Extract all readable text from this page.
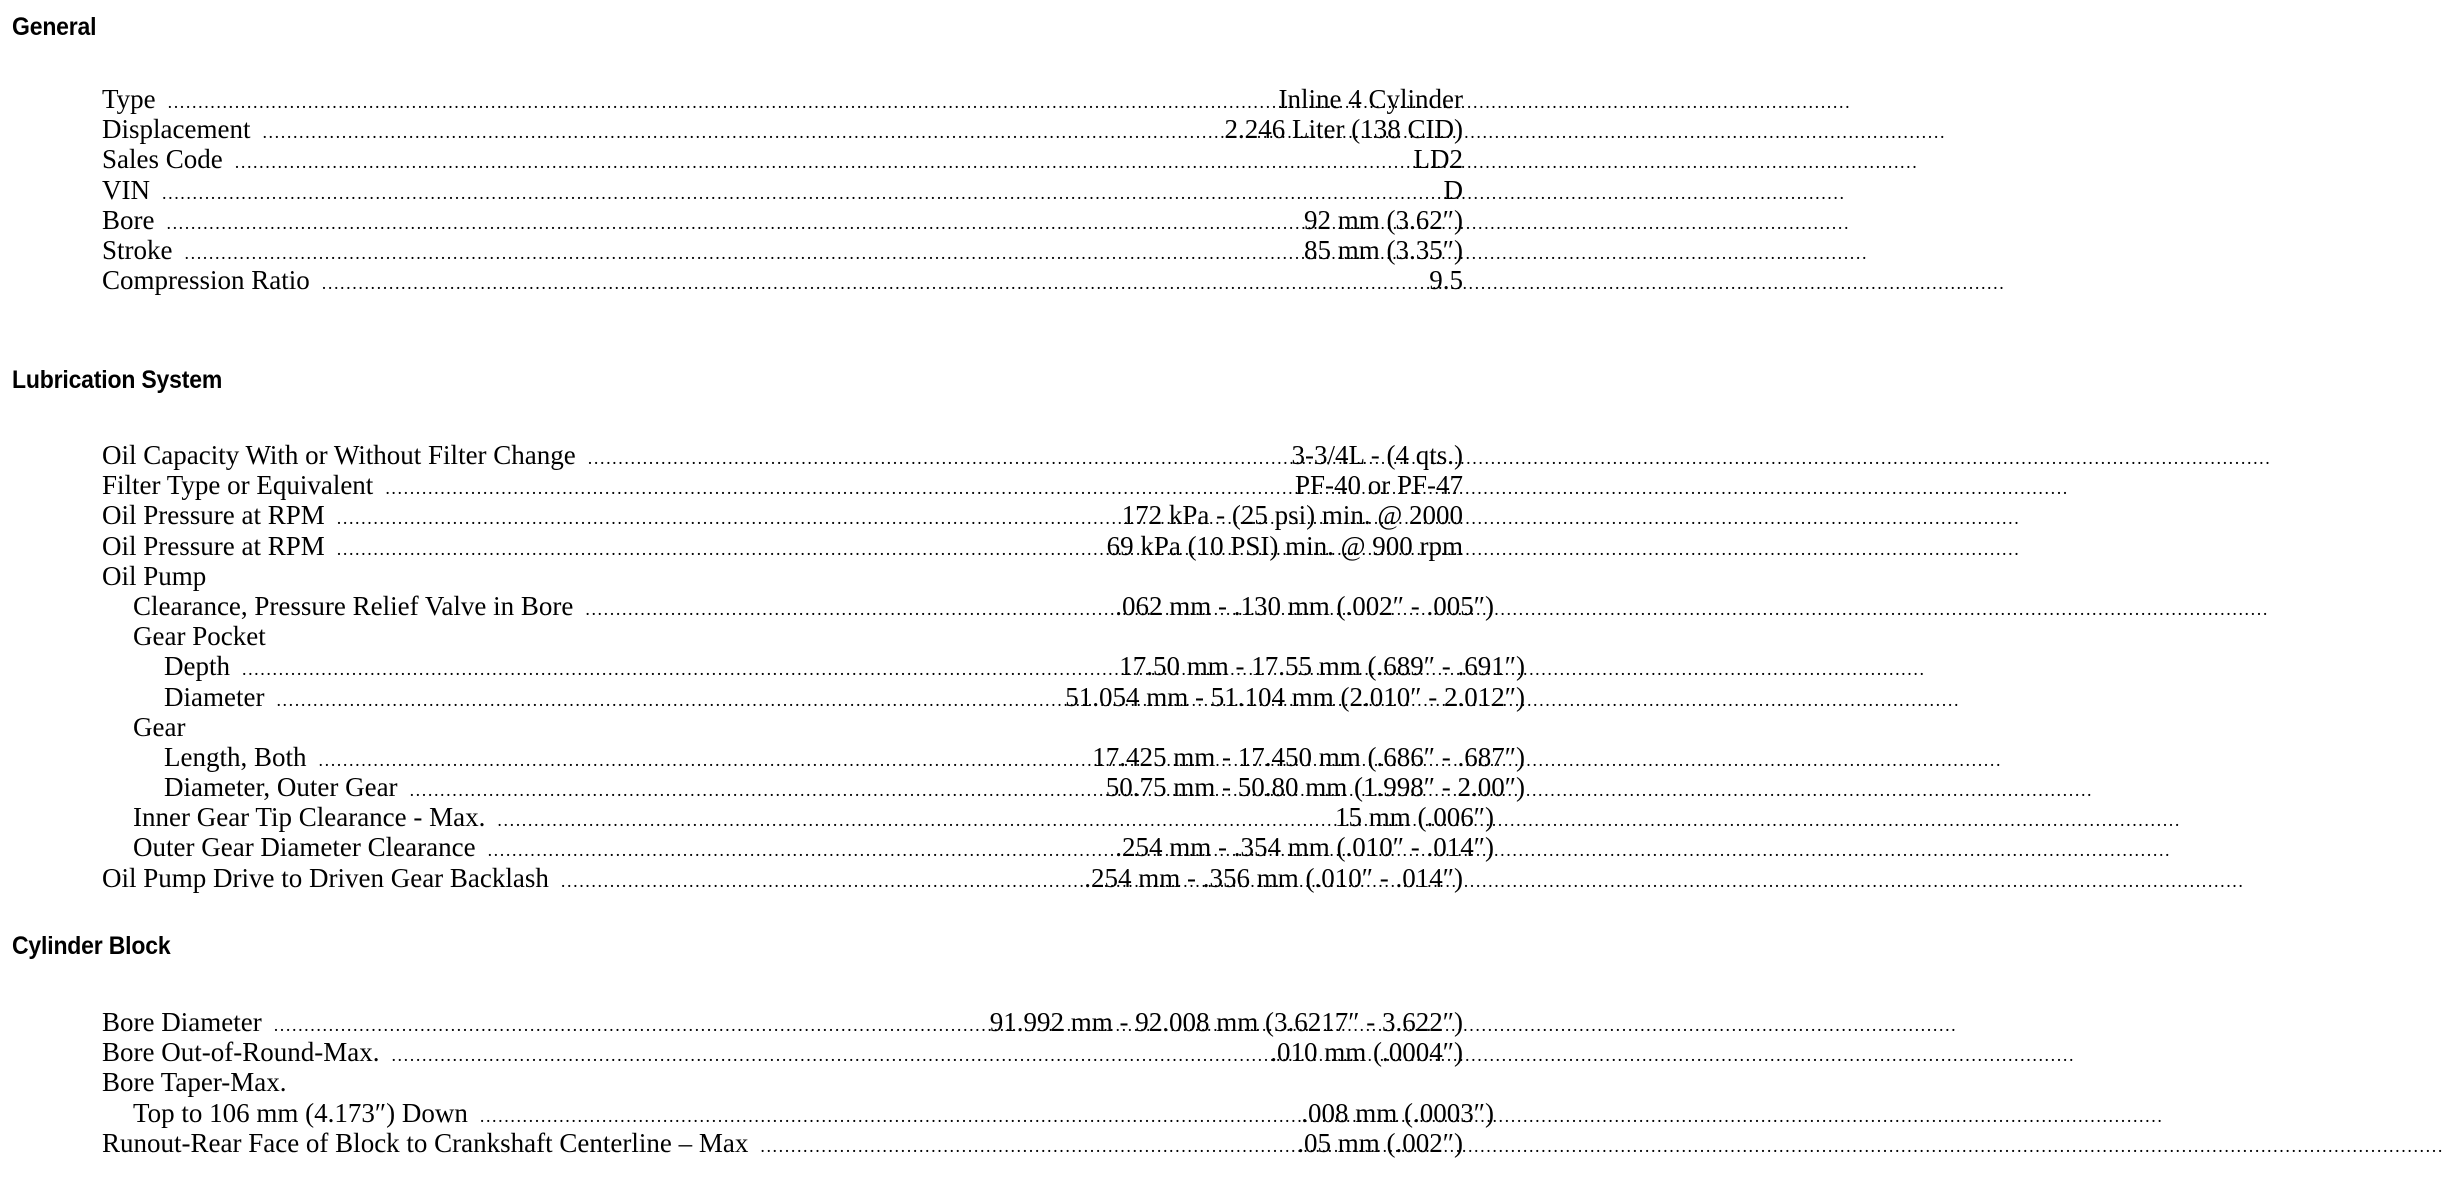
General
Type .....	Inline 4 Cylinder
Displacement .....	2.246 Liter (138 CID)
Sales Code .....	LD2
VIN .....	D
Bore .....	92 mm (3.62″)
Stroke .....	85 mm (3.35″)
Compression Ratio .....	9.5
Lubrication System
Oil Capacity With or Without Filter Change .....	3-3/4L - (4 qts.)
Filter Type or Equivalent .....	PF-40 or PF-47
Oil Pressure at RPM .....	172 kPa - (25 psi) min. @ 2000
Oil Pressure at RPM .....	69 kPa (10 PSI) min. @ 900 rpm
Oil Pump
Clearance, Pressure Relief Valve in Bore .....	.062 mm - .130 mm (.002″ - .005″)
Gear Pocket
Depth .....	17.50 mm - 17.55 mm (.689″ - .691″)
Diameter .....	51.054 mm - 51.104 mm (2.010″ - 2.012″)
Gear
Length, Both .....	17.425 mm - 17.450 mm (.686″ - .687″)
Diameter, Outer Gear .....	50.75 mm - 50.80 mm (1.998″ - 2.00″)
Inner Gear Tip Clearance - Max. .....	15 mm (.006″)
Outer Gear Diameter Clearance .....	.254 mm - .354 mm (.010″ - .014″)
Oil Pump Drive to Driven Gear Backlash .....	.254 mm - .356 mm (.010″ - .014″)
Cylinder Block
Bore Diameter .....	91.992 mm - 92.008 mm (3.6217″ - 3.622″)
Bore Out-of-Round-Max. .....	.010 mm (.0004″)
Bore Taper-Max.
Top to 106 mm (4.173″) Down .....	.008 mm (.0003″)
Runout-Rear Face of Block to Crankshaft Centerline – Max .....	.05 mm (.002″)
